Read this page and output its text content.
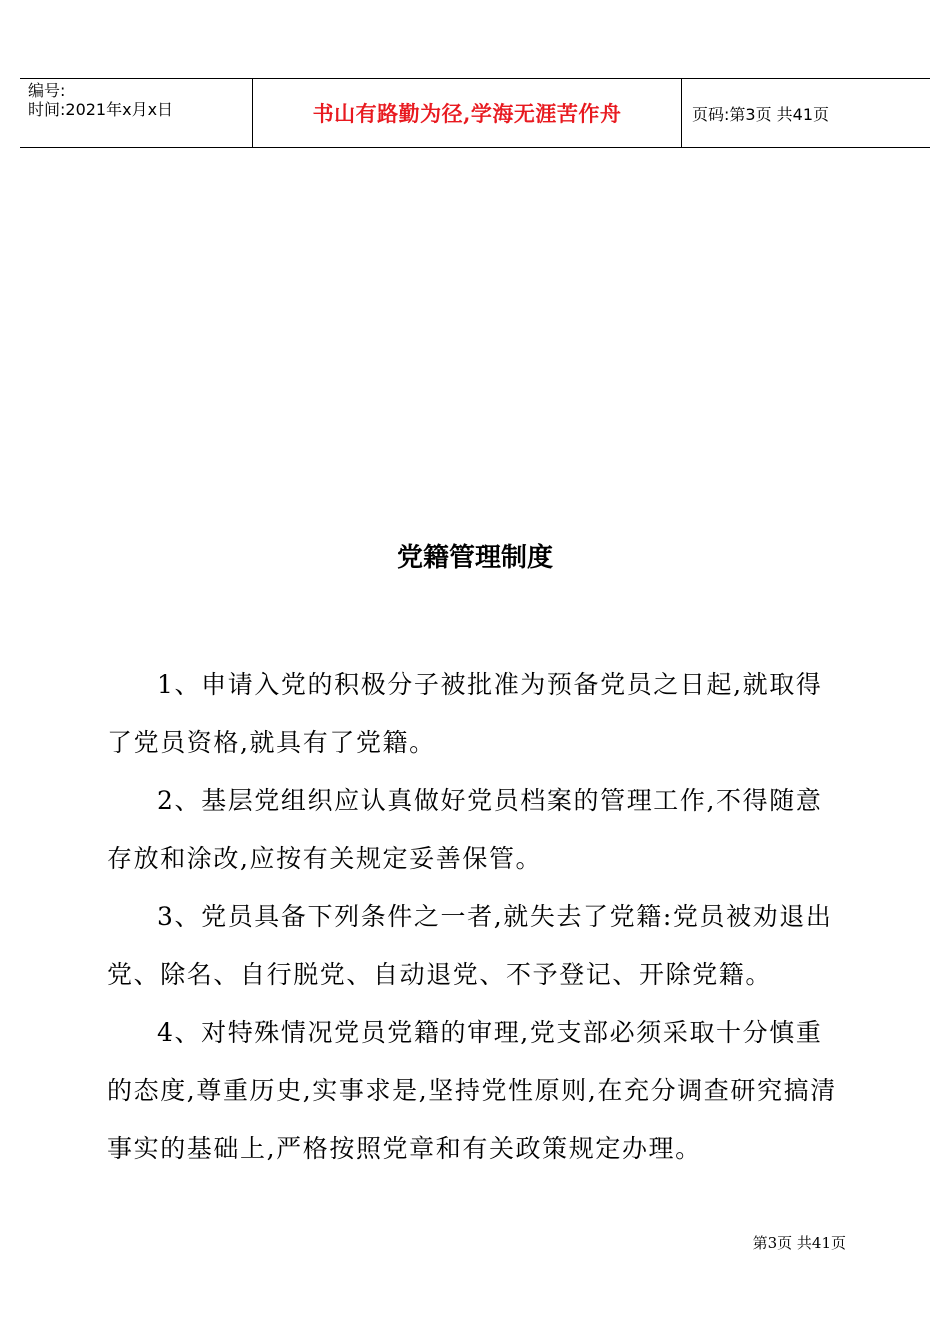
编号:
时间:2021年x月x日	书山有路勤为径,学海无涯苦作舟	页码:第3页 共41页
党籍管理制度

1、申请入党的积极分子被批准为预备党员之日起,就取得了党员资格,就具有了党籍。

2、基层党组织应认真做好党员档案的管理工作,不得随意存放和涂改,应按有关规定妥善保管。

3、党员具备下列条件之一者,就失去了党籍:党员被劝退出党、除名、自行脱党、自动退党、不予登记、开除党籍。

4、对特殊情况党员党籍的审理,党支部必须采取十分慎重的态度,尊重历史,实事求是,坚持党性原则,在充分调查研究搞清事实的基础上,严格按照党章和有关政策规定办理。

第3页 共41页
